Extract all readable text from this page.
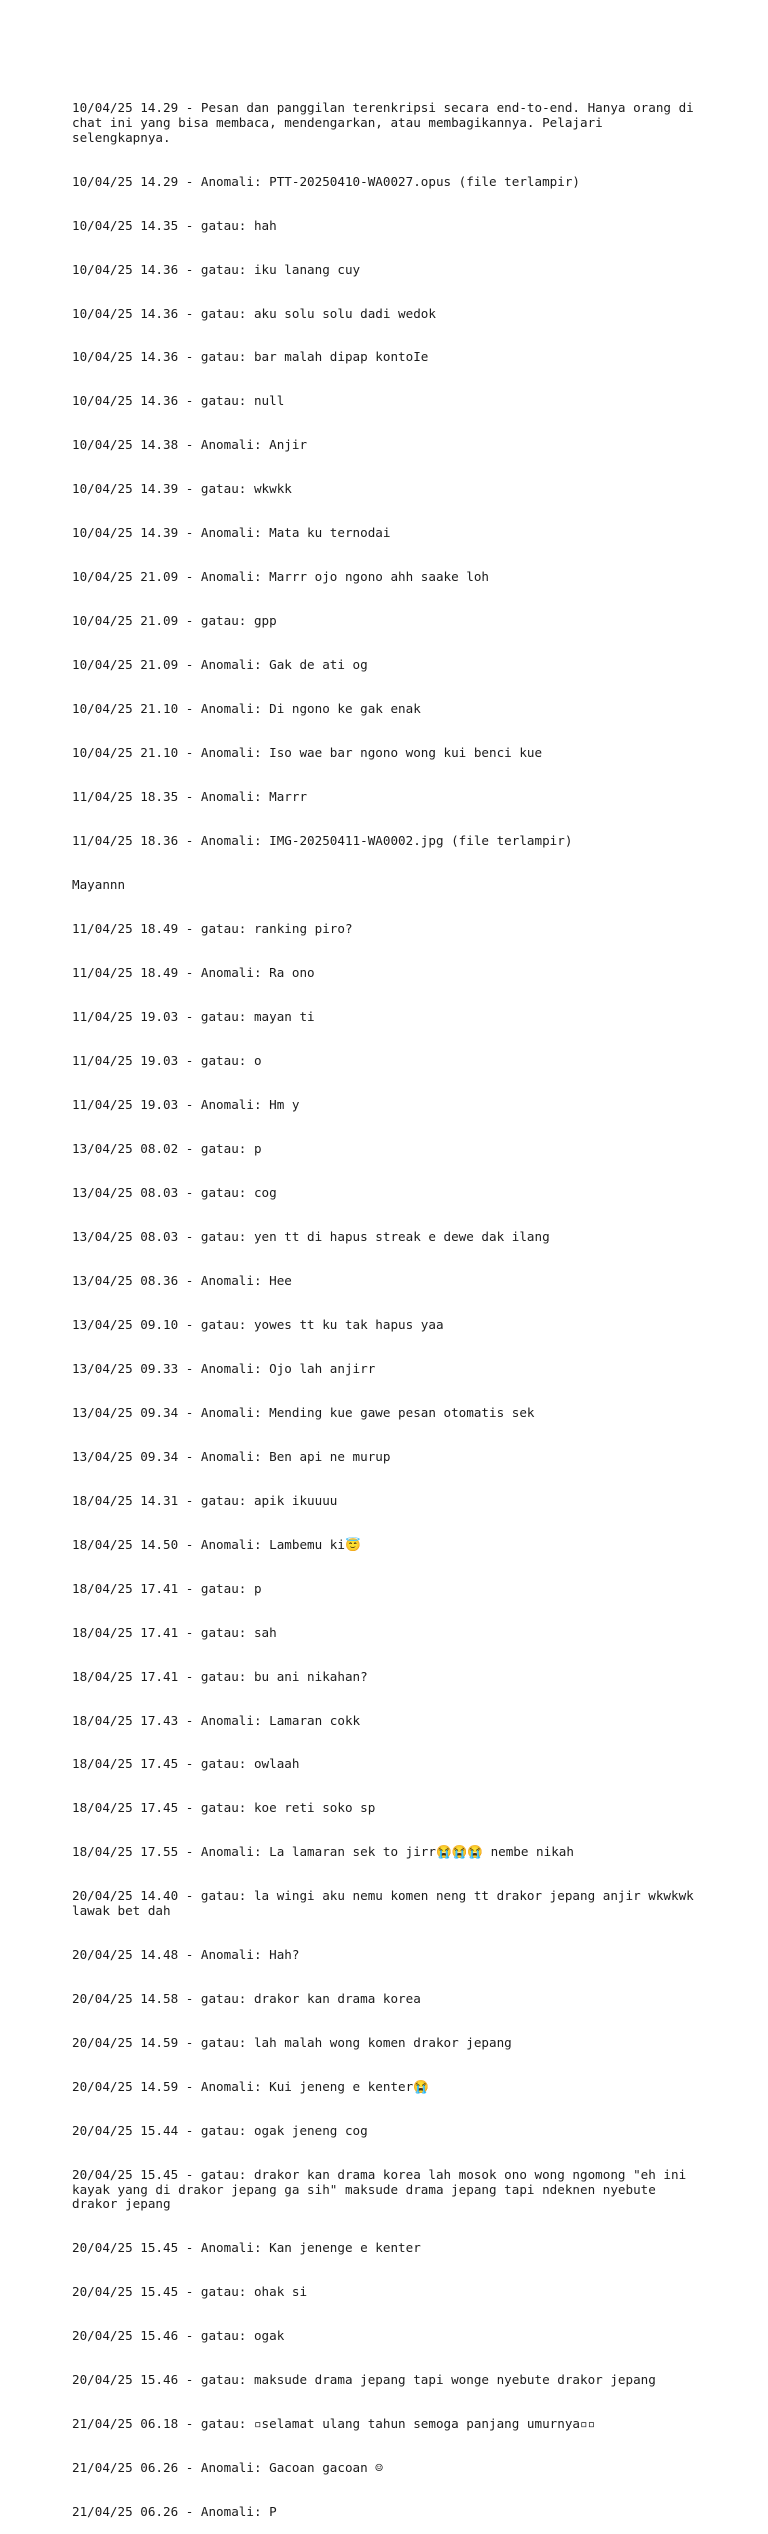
10/04/25 14.29 - Pesan dan panggilan terenkripsi secara end-to-end. Hanya orang di chat ini yang bisa membaca, mendengarkan, atau membagikannya. Pelajari selengkapnya.

10/04/25 14.29 - Anomali: PTT-20250410-WA0027.opus (file terlampir)

10/04/25 14.35 - gatau: hah

10/04/25 14.36 - gatau: iku lanang cuy

10/04/25 14.36 - gatau: aku solu solu dadi wedok

10/04/25 14.36 - gatau: bar malah dipap kontoIe

10/04/25 14.36 - gatau: null

10/04/25 14.38 - Anomali: Anjir

10/04/25 14.39 - gatau: wkwkk

10/04/25 14.39 - Anomali: Mata ku ternodai

10/04/25 21.09 - Anomali: Marrr ojo ngono ahh saake loh

10/04/25 21.09 - gatau: gpp

10/04/25 21.09 - Anomali: Gak de ati og

10/04/25 21.10 - Anomali: Di ngono ke gak enak

10/04/25 21.10 - Anomali: Iso wae bar ngono wong kui benci kue

11/04/25 18.35 - Anomali: Marrr

11/04/25 18.36 - Anomali: IMG-20250411-WA0002.jpg (file terlampir)

Mayannn

11/04/25 18.49 - gatau: ranking piro?

11/04/25 18.49 - Anomali: Ra ono

11/04/25 19.03 - gatau: mayan ti

11/04/25 19.03 - gatau: o

11/04/25 19.03 - Anomali: Hm y

13/04/25 08.02 - gatau: p

13/04/25 08.03 - gatau: cog

13/04/25 08.03 - gatau: yen tt di hapus streak e dewe dak ilang

13/04/25 08.36 - Anomali: Hee

13/04/25 09.10 - gatau: yowes tt ku tak hapus yaa

13/04/25 09.33 - Anomali: Ojo lah anjirr

13/04/25 09.34 - Anomali: Mending kue gawe pesan otomatis sek

13/04/25 09.34 - Anomali: Ben api ne murup

18/04/25 14.31 - gatau: apik ikuuuu

18/04/25 14.50 - Anomali: Lambemu ki😇

18/04/25 17.41 - gatau: p

18/04/25 17.41 - gatau: sah

18/04/25 17.41 - gatau: bu ani nikahan?

18/04/25 17.43 - Anomali: Lamaran cokk

18/04/25 17.45 - gatau: owlaah

18/04/25 17.45 - gatau: koe reti soko sp

18/04/25 17.55 - Anomali: La lamaran sek to jirr😭😭😭 nembe nikah

20/04/25 14.40 - gatau: la wingi aku nemu komen neng tt drakor jepang anjir wkwkwk lawak bet dah

20/04/25 14.48 - Anomali: Hah?

20/04/25 14.58 - gatau: drakor kan drama korea

20/04/25 14.59 - gatau: lah malah wong komen drakor jepang

20/04/25 14.59 - Anomali: Kui jeneng e kenter😭

20/04/25 15.44 - gatau: ogak jeneng cog

20/04/25 15.45 - gatau: drakor kan drama korea lah mosok ono wong ngomong "eh ini kayak yang di drakor jepang ga sih" maksude drama jepang tapi ndeknen nyebute drakor jepang

20/04/25 15.45 - Anomali: Kan jenenge e kenter

20/04/25 15.45 - gatau: ohak si

20/04/25 15.46 - gatau: ogak

20/04/25 15.46 - gatau: maksude drama jepang tapi wonge nyebute drakor jepang

21/04/25 06.18 - gatau: ▫selamat ulang tahun semoga panjang umurnya▫▫

21/04/25 06.26 - Anomali: Gacoan gacoan ☺

21/04/25 06.26 - Anomali: P
